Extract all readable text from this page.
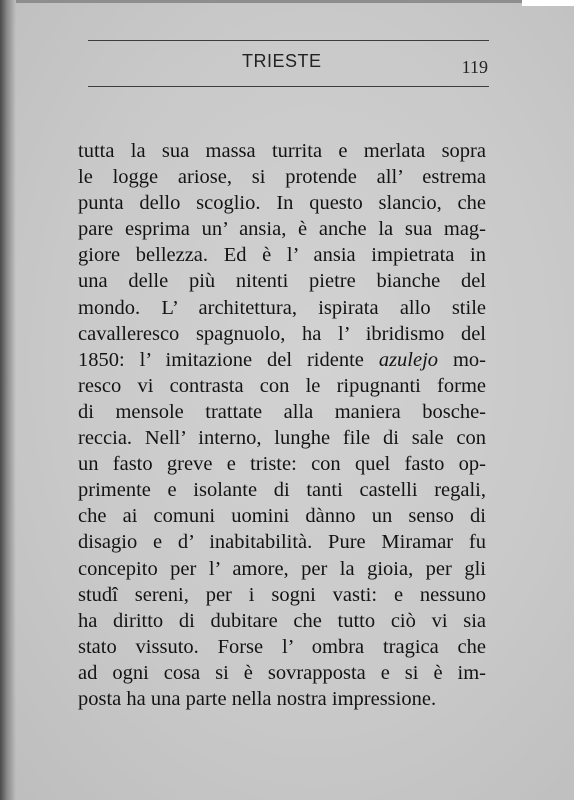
TRIESTE	119
tutta la sua massa turrita e merlata sopra
le logge ariose, si protende all’ estrema
punta dello scoglio. In questo slancio, che
pare esprima un’ ansia, è anche la sua mag-
giore bellezza. Ed è l’ ansia impietrata in
una delle più nitenti pietre bianche del
mondo. L’ architettura, ispirata allo stile
cavalleresco spagnuolo, ha l’ ibridismo del
1850: l’ imitazione del ridente azulejo mo-
resco vi contrasta con le ripugnanti forme
di mensole trattate alla maniera bosche-
reccia. Nell’ interno, lunghe file di sale con
un fasto greve e triste: con quel fasto op-
primente e isolante di tanti castelli regali,
che ai comuni uomini dànno un senso di
disagio e d’ inabitabilità. Pure Miramar fu
concepito per l’ amore, per la gioia, per gli
studî sereni, per i sogni vasti: e nessuno
ha diritto di dubitare che tutto ciò vi sia
stato vissuto. Forse l’ ombra tragica che
ad ogni cosa si è sovrapposta e si è im-
posta ha una parte nella nostra impressione.
